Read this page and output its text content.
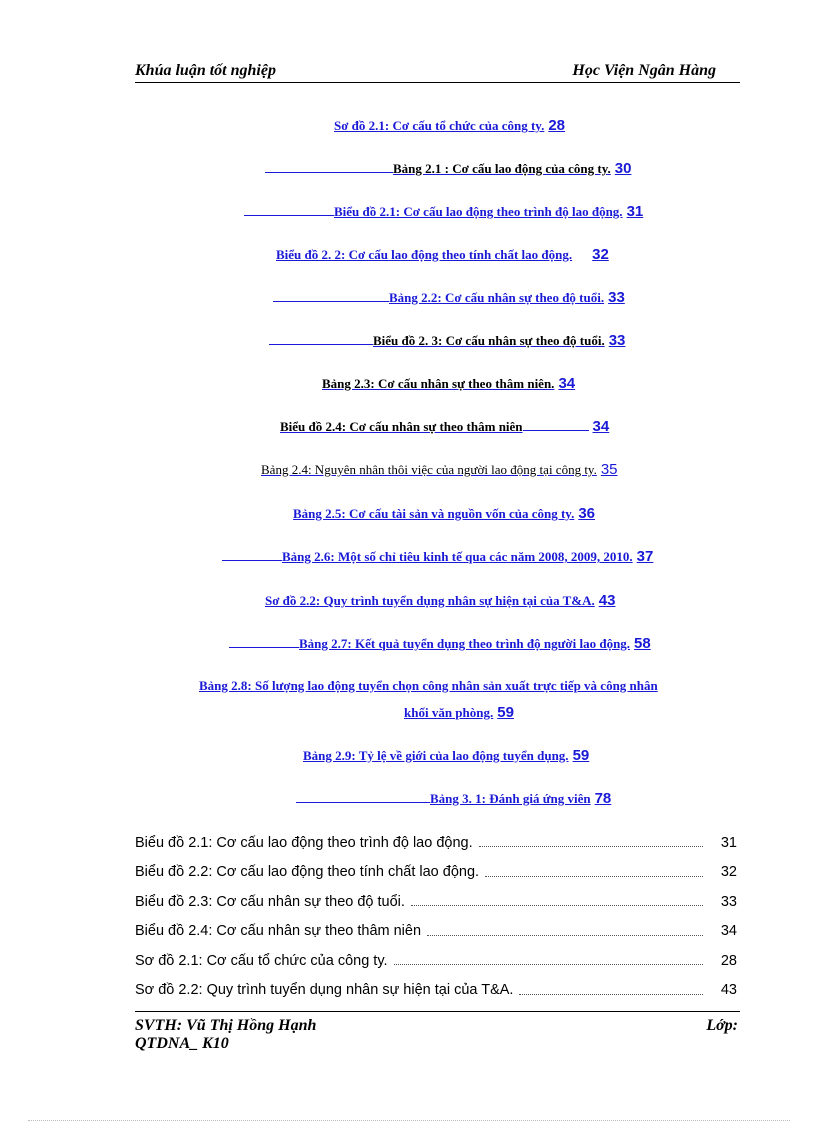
Khúa luận tốt nghiệp	Học Viện Ngân Hàng
Sơ đồ 2.1: Cơ cấu tổ chức của công ty. 28
Bảng 2.1 : Cơ cấu lao động của công ty. 30
Biểu đồ 2.1: Cơ cấu lao động theo trình độ lao động. 31
Biểu đồ 2. 2: Cơ cấu lao động theo tính chất lao động. 32
Bảng 2.2: Cơ cấu nhân sự theo độ tuổi. 33
Biểu đồ 2. 3: Cơ cấu nhân sự theo độ tuổi. 33
Bảng 2.3: Cơ cấu nhân sự theo thâm niên. 34
Biểu đồ 2.4: Cơ cấu nhân sự theo thâm niên	34
Bảng 2.4: Nguyên nhân thôi việc của người lao động tại công ty. 35
Bảng 2.5: Cơ cấu tài sản và nguồn vốn của công ty. 36
Bảng 2.6: Một số chỉ tiêu kinh tế qua các năm 2008, 2009, 2010. 37
Sơ đồ 2.2: Quy trình tuyển dụng nhân sự hiện tại của T&A. 43
Bảng 2.7: Kết quả tuyển dụng theo trình độ người lao động. 58
Bảng 2.8: Số lượng lao động tuyển chọn công nhân sản xuất trực tiếp và công nhân
khối văn phòng. 59
Bảng 2.9: Tỷ lệ về giới của lao động tuyển dụng. 59
Bảng 3. 1: Đánh giá ứng viên 78
Biểu đồ 2.1: Cơ cấu lao động theo trình độ lao động.	31
Biểu đồ 2.2: Cơ cấu lao động theo tính chất lao động.	32
Biểu đồ 2.3: Cơ cấu nhân sự theo độ tuổi.	33
Biểu đồ 2.4: Cơ cấu nhân sự theo thâm niên	34
Sơ đồ 2.1: Cơ cấu tổ chức của công ty.	28
Sơ đồ 2.2: Quy trình tuyển dụng nhân sự hiện tại của T&A.	43
SVTH: Vũ Thị Hồng Hạnh	Lớp:
QTDNA_ K10
